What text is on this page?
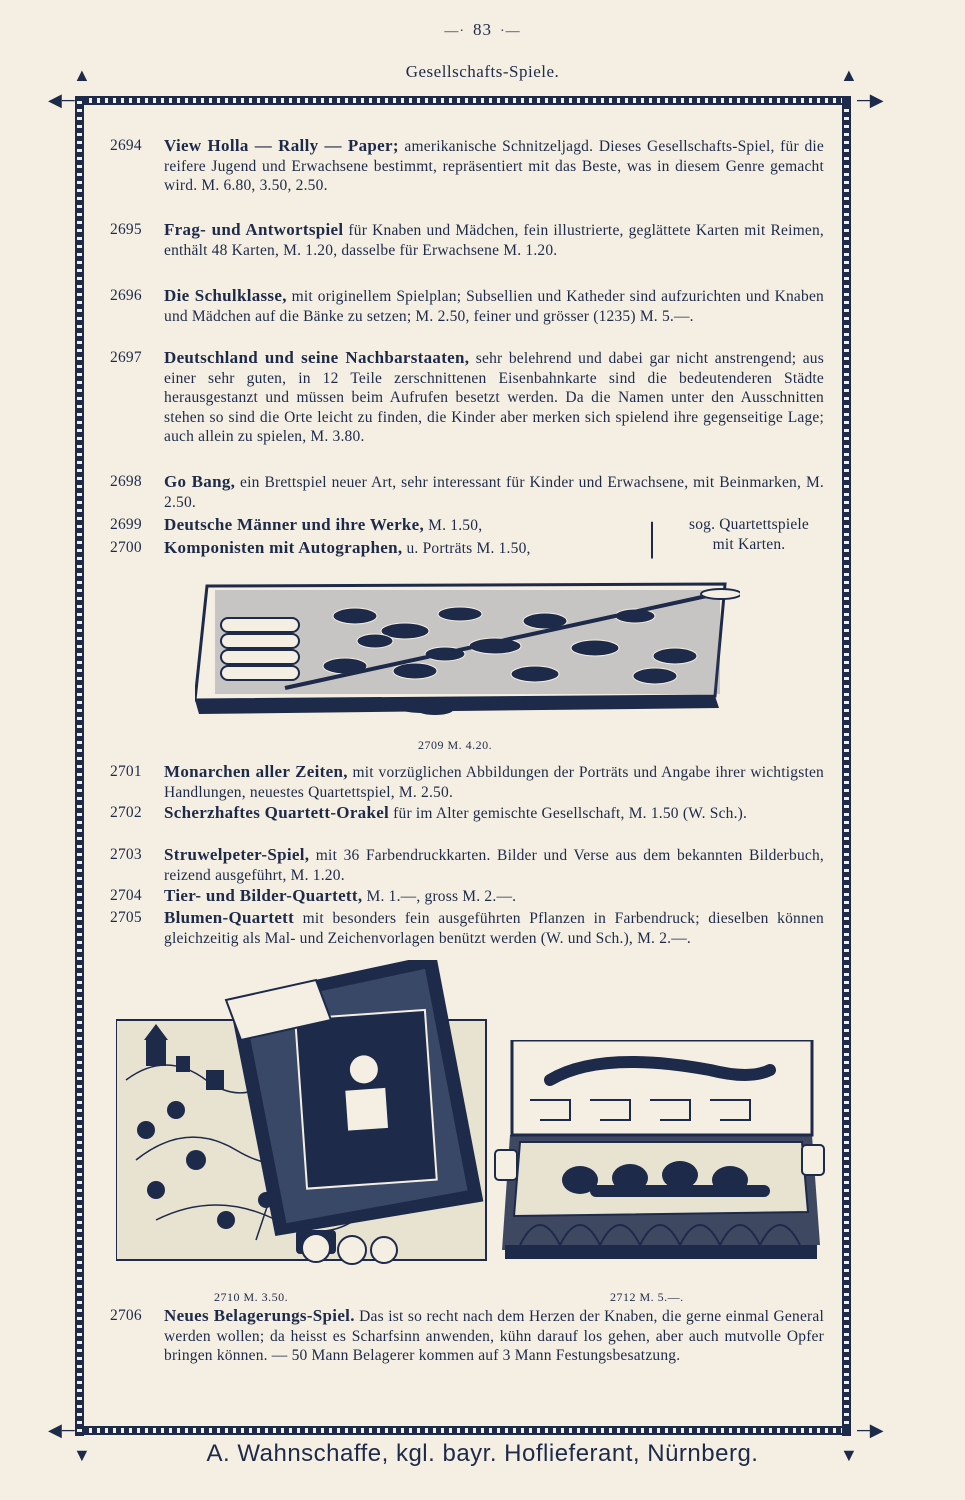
—· 83 ·—
Gesellschafts-Spiele.
◀─	─▶
◀─	─▶
▲	▲
▼	▼
2694	View Holla — Rally — Paper; amerikanische Schnitzeljagd. Dieses Gesellschafts-Spiel, für die reifere Jugend und Erwachsene bestimmt, repräsentiert mit das Beste, was in diesem Genre gemacht wird. M. 6.80, 3.50, 2.50.
2695	Frag- und Antwortspiel für Knaben und Mädchen, fein illustrierte, geglättete Karten mit Reimen, enthält 48 Karten, M. 1.20, dasselbe für Erwachsene M. 1.20.
2696	Die Schulklasse, mit originellem Spielplan; Subsellien und Katheder sind aufzurichten und Knaben und Mädchen auf die Bänke zu setzen; M. 2.50, feiner und grösser (1235) M. 5.—.
2697	Deutschland und seine Nachbarstaaten, sehr belehrend und dabei gar nicht anstrengend; aus einer sehr guten, in 12 Teile zerschnittenen Eisenbahnkarte sind die bedeutenderen Städte herausgestanzt und müssen beim Aufrufen besetzt werden. Da die Namen unter den Ausschnitten stehen so sind die Orte leicht zu finden, die Kinder aber merken sich spielend ihre gegenseitige Lage; auch allein zu spielen, M. 3.80.
2698	Go Bang, ein Brettspiel neuer Art, sehr interessant für Kinder und Erwachsene, mit Beinmarken, M. 2.50.
2699	Deutsche Männer und ihre Werke, M. 1.50,
2700	Komponisten mit Autographen, u. Porträts M. 1.50,	|	sog. Quartettspiele
mit Karten.
2709 M. 4.20.
2701	Monarchen aller Zeiten, mit vorzüglichen Abbildungen der Porträts und Angabe ihrer wichtigsten Handlungen, neuestes Quartettspiel, M. 2.50.
2702	Scherzhaftes Quartett-Orakel für im Alter gemischte Gesellschaft, M. 1.50 (W. Sch.).
2703	Struwelpeter-Spiel, mit 36 Farbendruckkarten. Bilder und Verse aus dem bekannten Bilderbuch, reizend ausgeführt, M. 1.20.
2704	Tier- und Bilder-Quartett, M. 1.—, gross M. 2.—.
2705	Blumen-Quartett mit besonders fein ausgeführten Pflanzen in Farbendruck; dieselben können gleichzeitig als Mal- und Zeichenvorlagen benützt werden (W. und Sch.), M. 2.—.
2710 M. 3.50.	2712 M. 5.—.
2706	Neues Belagerungs-Spiel. Das ist so recht nach dem Herzen der Knaben, die gerne einmal General werden wollen; da heisst es Scharfsinn anwenden, kühn darauf los gehen, aber auch mutvolle Opfer bringen können. — 50 Mann Belagerer kommen auf 3 Mann Festungsbesatzung.
A. Wahnschaffe, kgl. bayr. Hoflieferant, Nürnberg.
